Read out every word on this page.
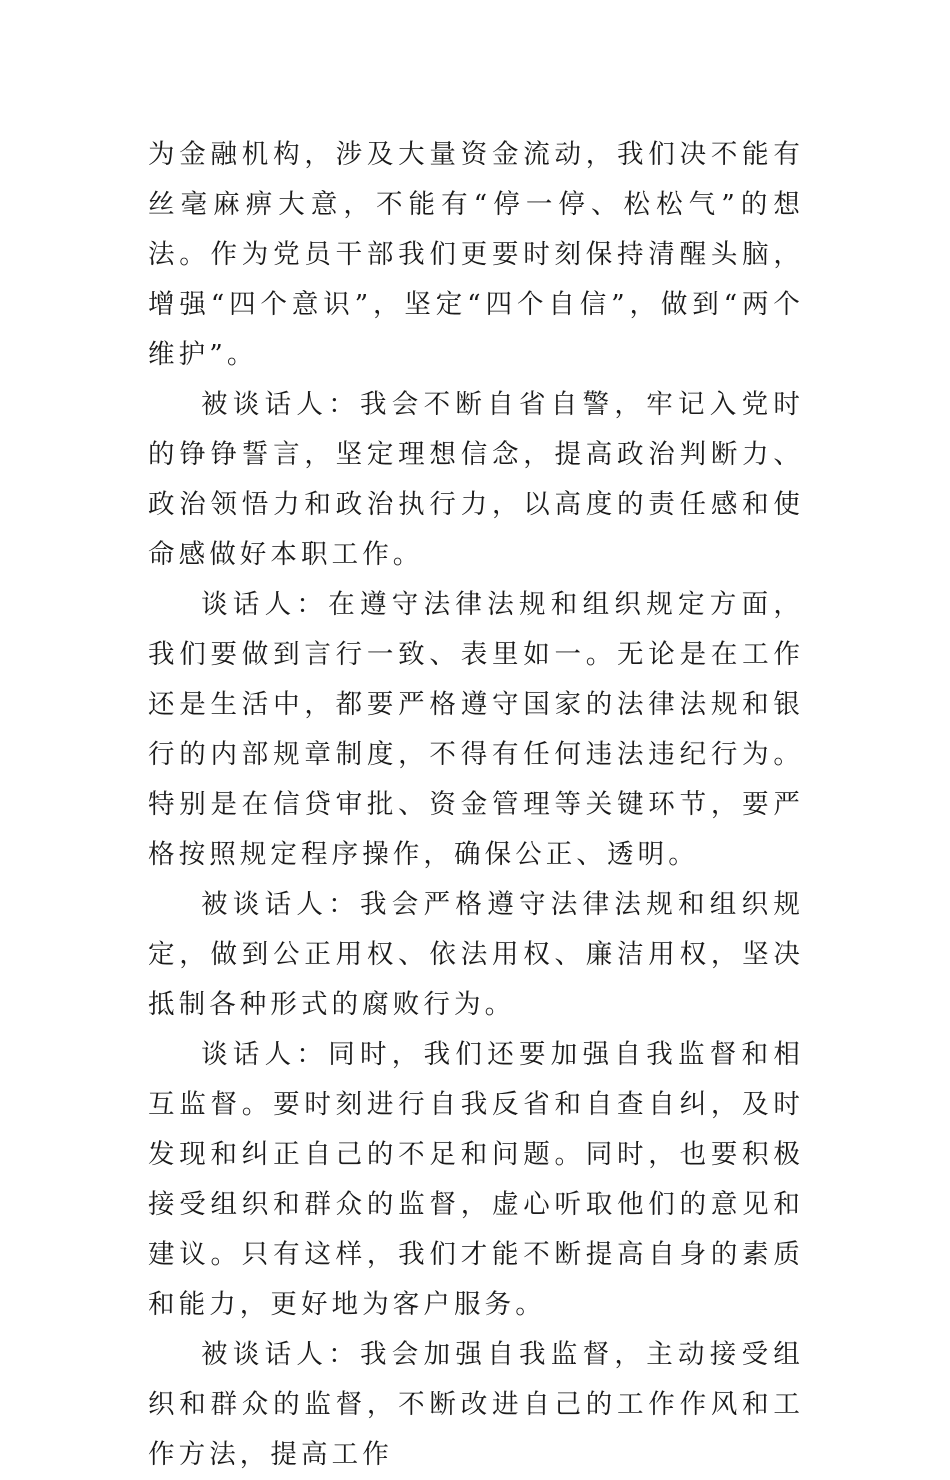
为金融机构，涉及大量资金流动，我们决不能有丝毫麻痹大意，不能有“停一停、松松气”的想法。作为党员干部我们更要时刻保持清醒头脑，增强“四个意识”，坚定“四个自信”，做到“两个维护”。

被谈话人：我会不断自省自警，牢记入党时的铮铮誓言，坚定理想信念，提高政治判断力、政治领悟力和政治执行力，以高度的责任感和使命感做好本职工作。

谈话人：在遵守法律法规和组织规定方面，我们要做到言行一致、表里如一。无论是在工作还是生活中，都要严格遵守国家的法律法规和银行的内部规章制度，不得有任何违法违纪行为。特别是在信贷审批、资金管理等关键环节，要严格按照规定程序操作，确保公正、透明。

被谈话人：我会严格遵守法律法规和组织规定，做到公正用权、依法用权、廉洁用权，坚决抵制各种形式的腐败行为。

谈话人：同时，我们还要加强自我监督和相互监督。要时刻进行自我反省和自查自纠，及时发现和纠正自己的不足和问题。同时，也要积极接受组织和群众的监督，虚心听取他们的意见和建议。只有这样，我们才能不断提高自身的素质和能力，更好地为客户服务。

被谈话人：我会加强自我监督，主动接受组织和群众的监督，不断改进自己的工作作风和工作方法，提高工作
